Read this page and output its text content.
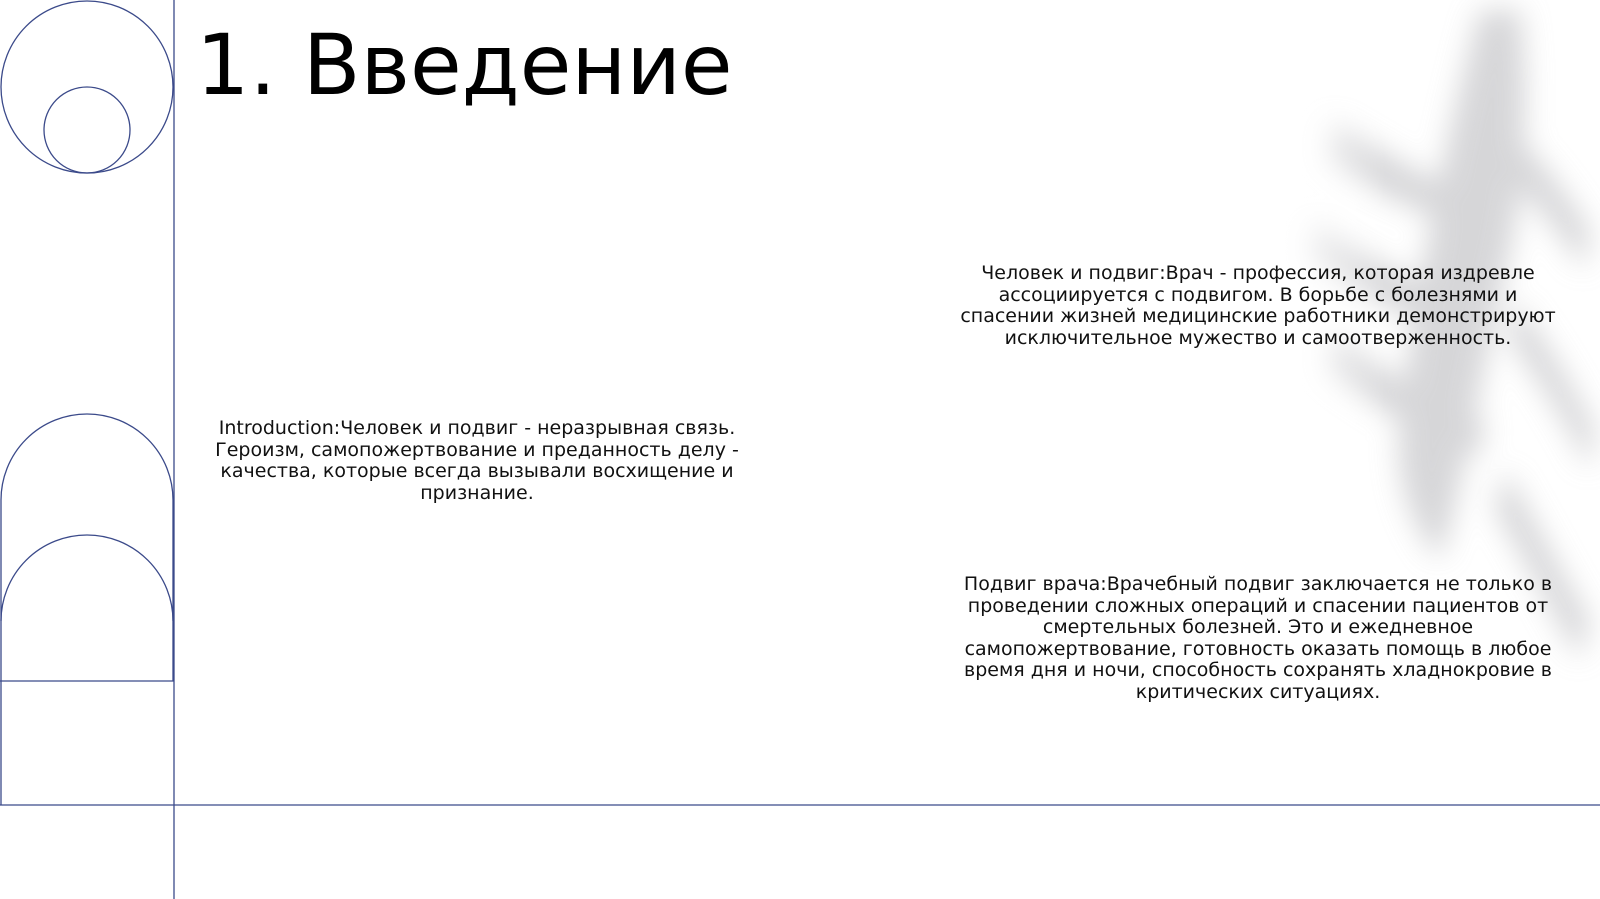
1. Введение

Introduction:Человек и подвиг - неразрывная связь. Героизм, самопожертвование и преданность делу - качества, которые всегда вызывали восхищение и признание.

Человек и подвиг:Врач - профессия, которая издревле ассоциируется с подвигом. В борьбе с болезнями и спасении жизней медицинские работники демонстрируют исключительное мужество и самоотверженность.

Подвиг врача:Врачебный подвиг заключается не только в проведении сложных операций и спасении пациентов от смертельных болезней. Это и ежедневное самопожертвование, готовность оказать помощь в любое время дня и ночи, способность сохранять хладнокровие в критических ситуациях.
